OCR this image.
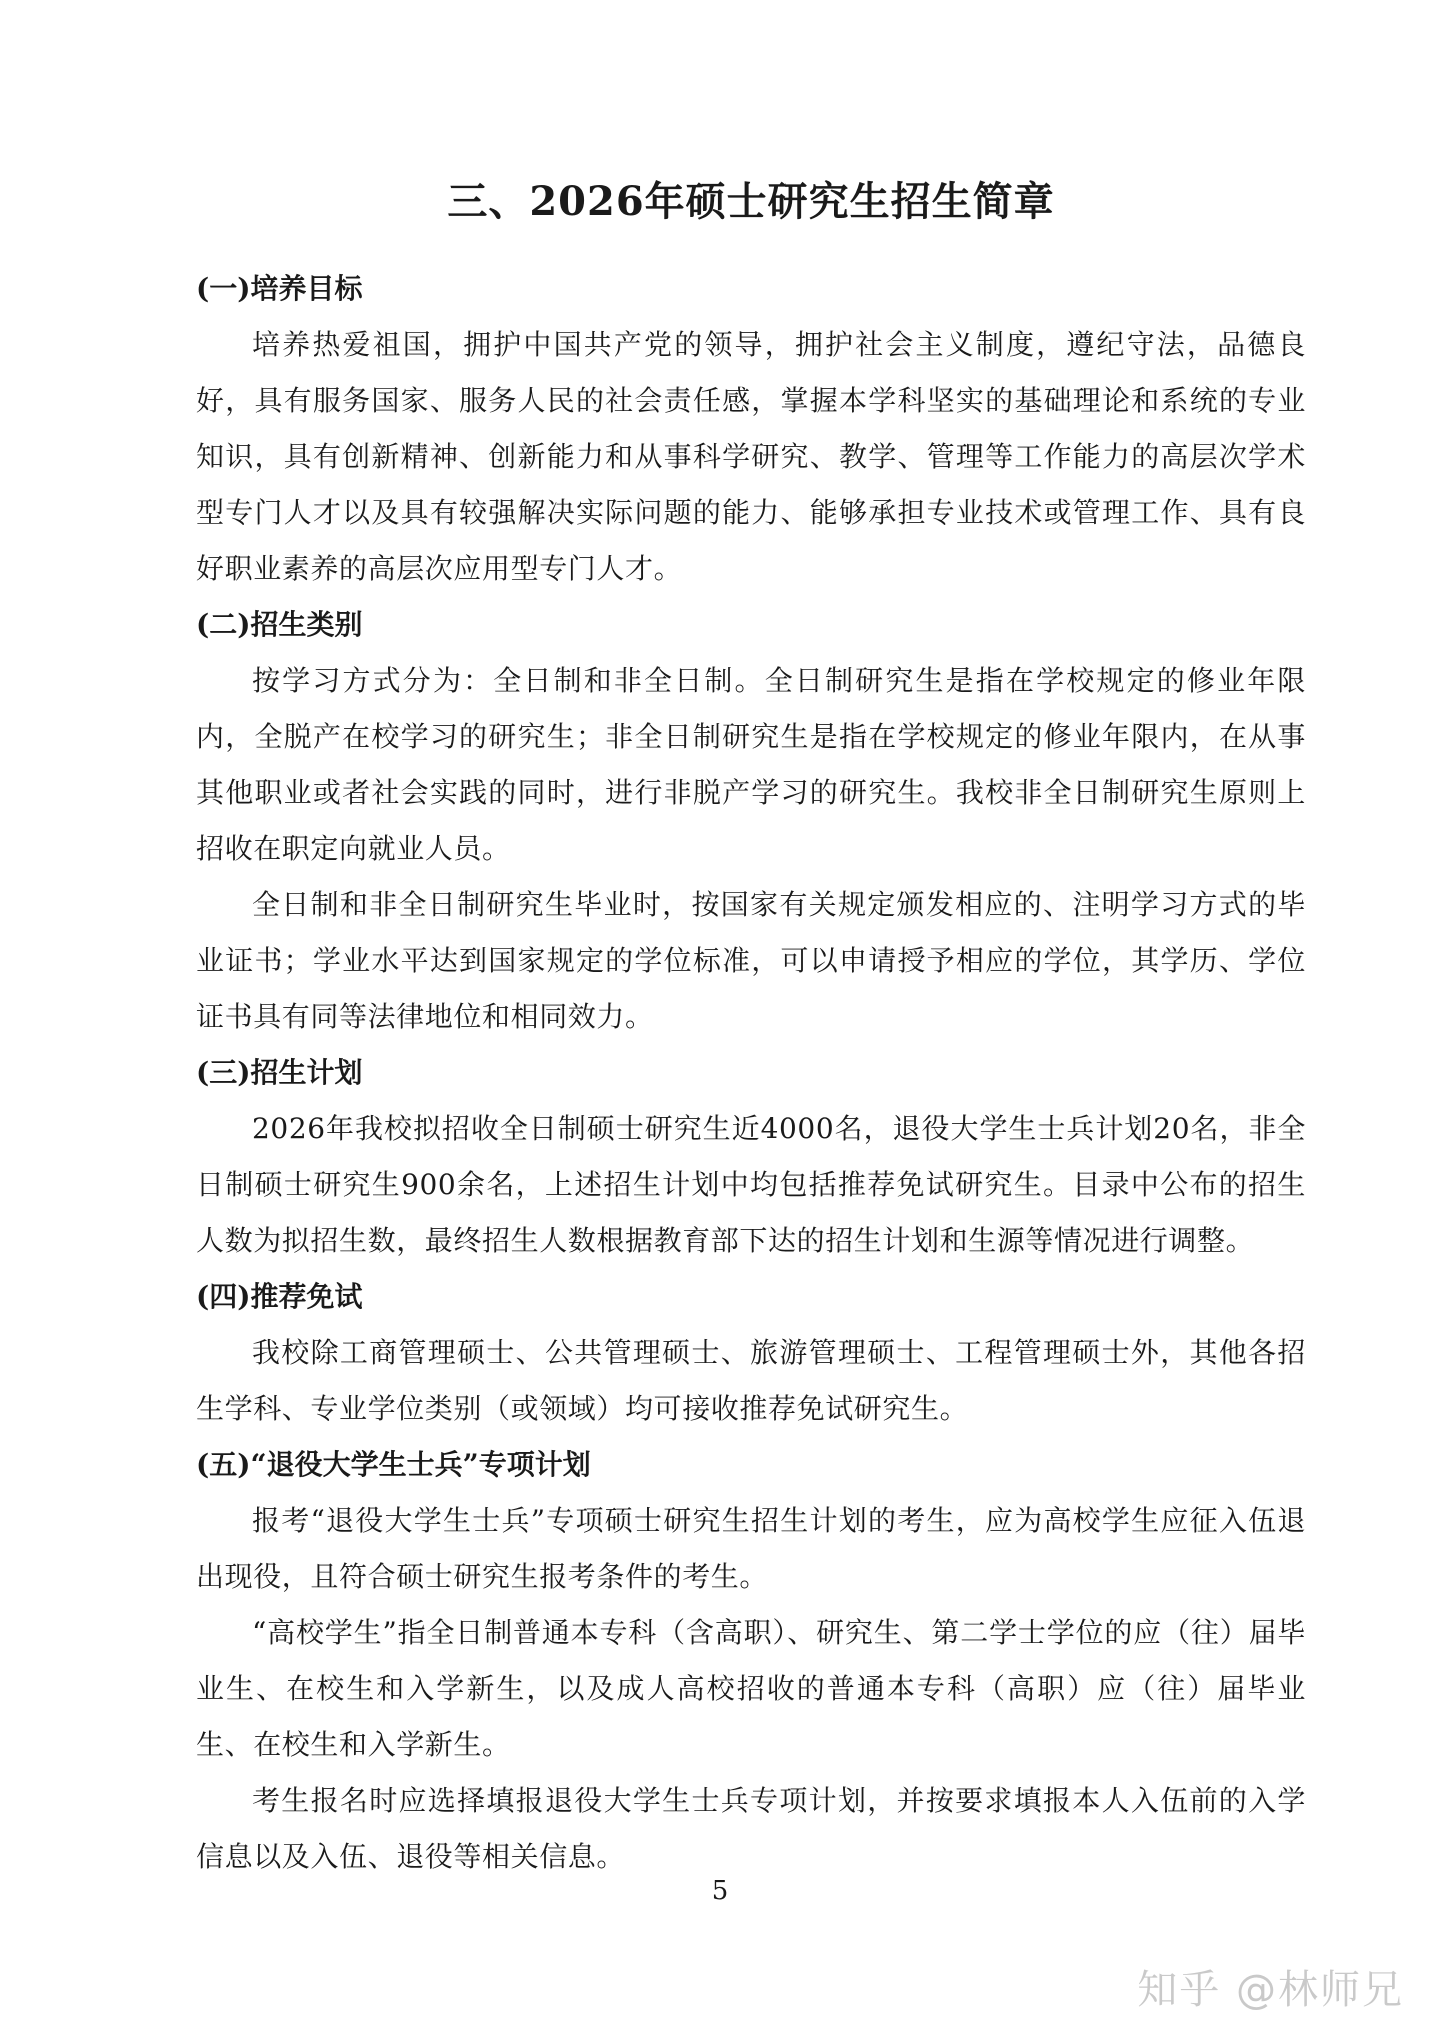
三、2026年硕士研究生招生简章

(一)培养目标

培养热爱祖国，拥护中国共产党的领导，拥护社会主义制度，遵纪守法，品德良好，具有服务国家、服务人民的社会责任感，掌握本学科坚实的基础理论和系统的专业知识，具有创新精神、创新能力和从事科学研究、教学、管理等工作能力的高层次学术型专门人才以及具有较强解决实际问题的能力、能够承担专业技术或管理工作、具有良好职业素养的高层次应用型专门人才。

(二)招生类别

按学习方式分为：全日制和非全日制。全日制研究生是指在学校规定的修业年限内，全脱产在校学习的研究生；非全日制研究生是指在学校规定的修业年限内，在从事其他职业或者社会实践的同时，进行非脱产学习的研究生。我校非全日制研究生原则上招收在职定向就业人员。

全日制和非全日制研究生毕业时，按国家有关规定颁发相应的、注明学习方式的毕业证书；学业水平达到国家规定的学位标准，可以申请授予相应的学位，其学历、学位证书具有同等法律地位和相同效力。

(三)招生计划

2026年我校拟招收全日制硕士研究生近4000名，退役大学生士兵计划20名，非全日制硕士研究生900余名，上述招生计划中均包括推荐免试研究生。目录中公布的招生人数为拟招生数，最终招生人数根据教育部下达的招生计划和生源等情况进行调整。

(四)推荐免试

我校除工商管理硕士、公共管理硕士、旅游管理硕士、工程管理硕士外，其他各招生学科、专业学位类别（或领域）均可接收推荐免试研究生。

(五)“退役大学生士兵”专项计划

报考“退役大学生士兵”专项硕士研究生招生计划的考生，应为高校学生应征入伍退出现役，且符合硕士研究生报考条件的考生。

“高校学生”指全日制普通本专科（含高职）、研究生、第二学士学位的应（往）届毕业生、在校生和入学新生，以及成人高校招收的普通本专科（高职）应（往）届毕业生、在校生和入学新生。

考生报名时应选择填报退役大学生士兵专项计划，并按要求填报本人入伍前的入学信息以及入伍、退役等相关信息。

5
知乎 @林师兄
